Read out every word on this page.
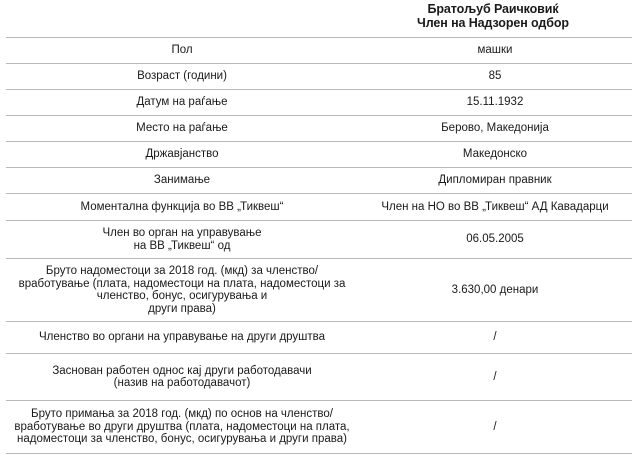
Братољуб Раичковиќ
Член на Надзорен одбор
Пол	машки
Возраст (години)	85
Датум на раѓање	15.11.1932
Место на раѓање	Берово, Македонија
Државјанство	Македонско
Занимање	Дипломиран правник
Моментална функција во ВВ „Тиквеш“	Член на НО во ВВ „Тиквеш“ АД Кавадарци
Член во орган на управување
на ВВ „Тиквеш“ од	06.05.2005
Бруто надоместоци за 2018 год. (мкд) за членство/
вработување (плата, надоместоци на плата, надоместоци за
членство, бонус, осигурувања и
други права)	3.630,00 денари
Членство во органи на управување на други друштва	/
Заснован работен однос кај други работодавачи
(назив на работодавачот)	/
Бруто примања за 2018 год. (мкд) по основ на членство/
вработување во други друштва (плата, надоместоци на плата,
надоместоци за членство, бонус, осигурувања и други права)	/
